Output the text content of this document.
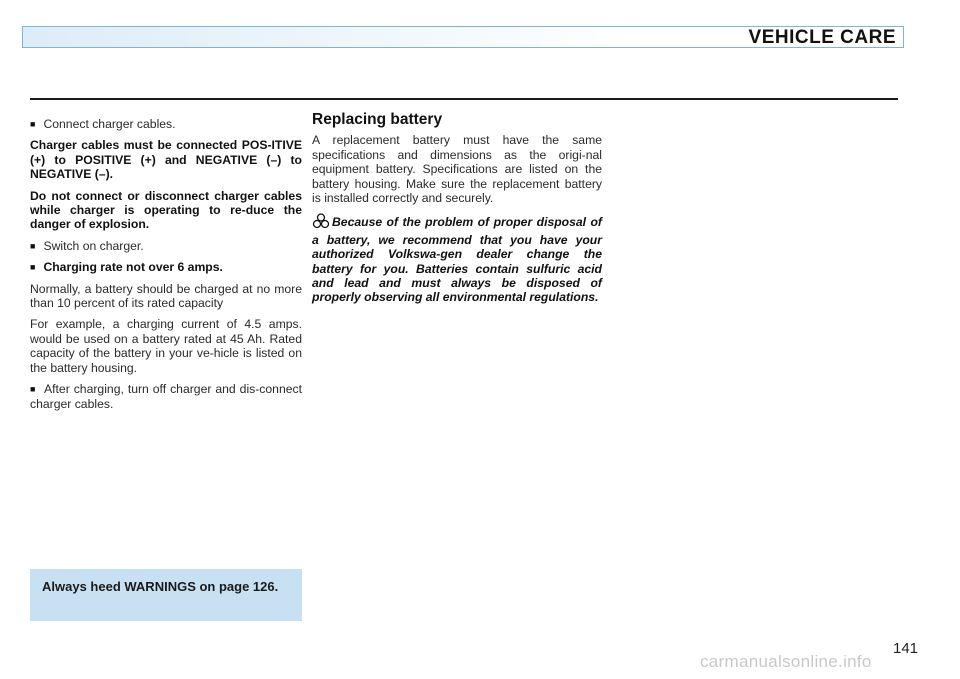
VEHICLE CARE

■ Connect charger cables.

Charger cables must be connected POS-ITIVE (+) to POSITIVE (+) and NEGATIVE (–) to NEGATIVE (–).

Do not connect or disconnect charger cables while charger is operating to re-duce the danger of explosion.

■ Switch on charger.

■ Charging rate not over 6 amps.

Normally, a battery should be charged at no more than 10 percent of its rated capacity

For example, a charging current of 4.5 amps. would be used on a battery rated at 45 Ah. Rated capacity of the battery in your ve-hicle is listed on the battery housing.

■ After charging, turn off charger and dis-connect charger cables.

Replacing battery

A replacement battery must have the same specifications and dimensions as the origi-nal equipment battery. Specifications are listed on the battery housing. Make sure the replacement battery is installed correctly and securely.

Because of the problem of proper disposal of a battery, we recommend that you have your authorized Volkswa-gen dealer change the battery for you. Batteries contain sulfuric acid and lead and must always be disposed of properly observing all environmental regulations.

Always heed WARNINGS on page 126.
141
carmanualsonline.info
